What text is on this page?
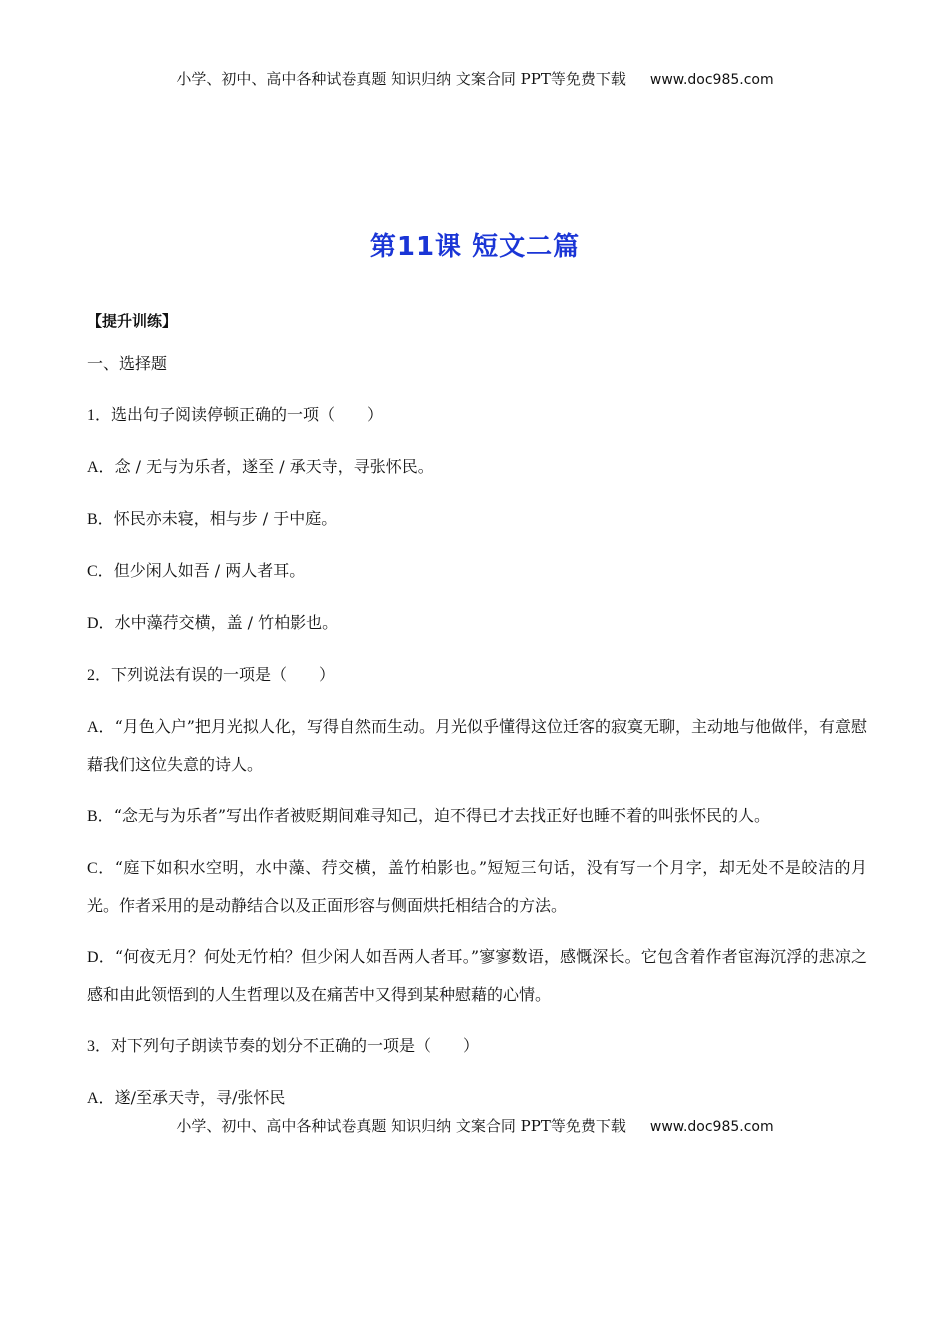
小学、初中、高中各种试卷真题 知识归纳 文案合同 PPT等免费下载 www.doc985.com
第11课 短文二篇
【提升训练】
一、选择题
1．选出句子阅读停顿正确的一项（　　）
A．念 / 无与为乐者，遂至 / 承天寺，寻张怀民。
B．怀民亦未寝，相与步 / 于中庭。
C．但少闲人如吾 / 两人者耳。
D．水中藻荇交横，盖 / 竹柏影也。
2．下列说法有误的一项是（　　）
A．“月色入户”把月光拟人化，写得自然而生动。月光似乎懂得这位迁客的寂寞无聊，主动地与他做伴，有意慰藉我们这位失意的诗人。
B．“念无与为乐者”写出作者被贬期间难寻知己，迫不得已才去找正好也睡不着的叫张怀民的人。
C．“庭下如积水空明，水中藻、荇交横，盖竹柏影也。”短短三句话，没有写一个月字，却无处不是皎洁的月光。作者采用的是动静结合以及正面形容与侧面烘托相结合的方法。
D．“何夜无月？何处无竹柏？但少闲人如吾两人者耳。”寥寥数语，感慨深长。它包含着作者宦海沉浮的悲凉之感和由此领悟到的人生哲理以及在痛苦中又得到某种慰藉的心情。
3．对下列句子朗读节奏的划分不正确的一项是（　　）
A．遂/至承天寺，寻/张怀民
小学、初中、高中各种试卷真题 知识归纳 文案合同 PPT等免费下载 www.doc985.com
